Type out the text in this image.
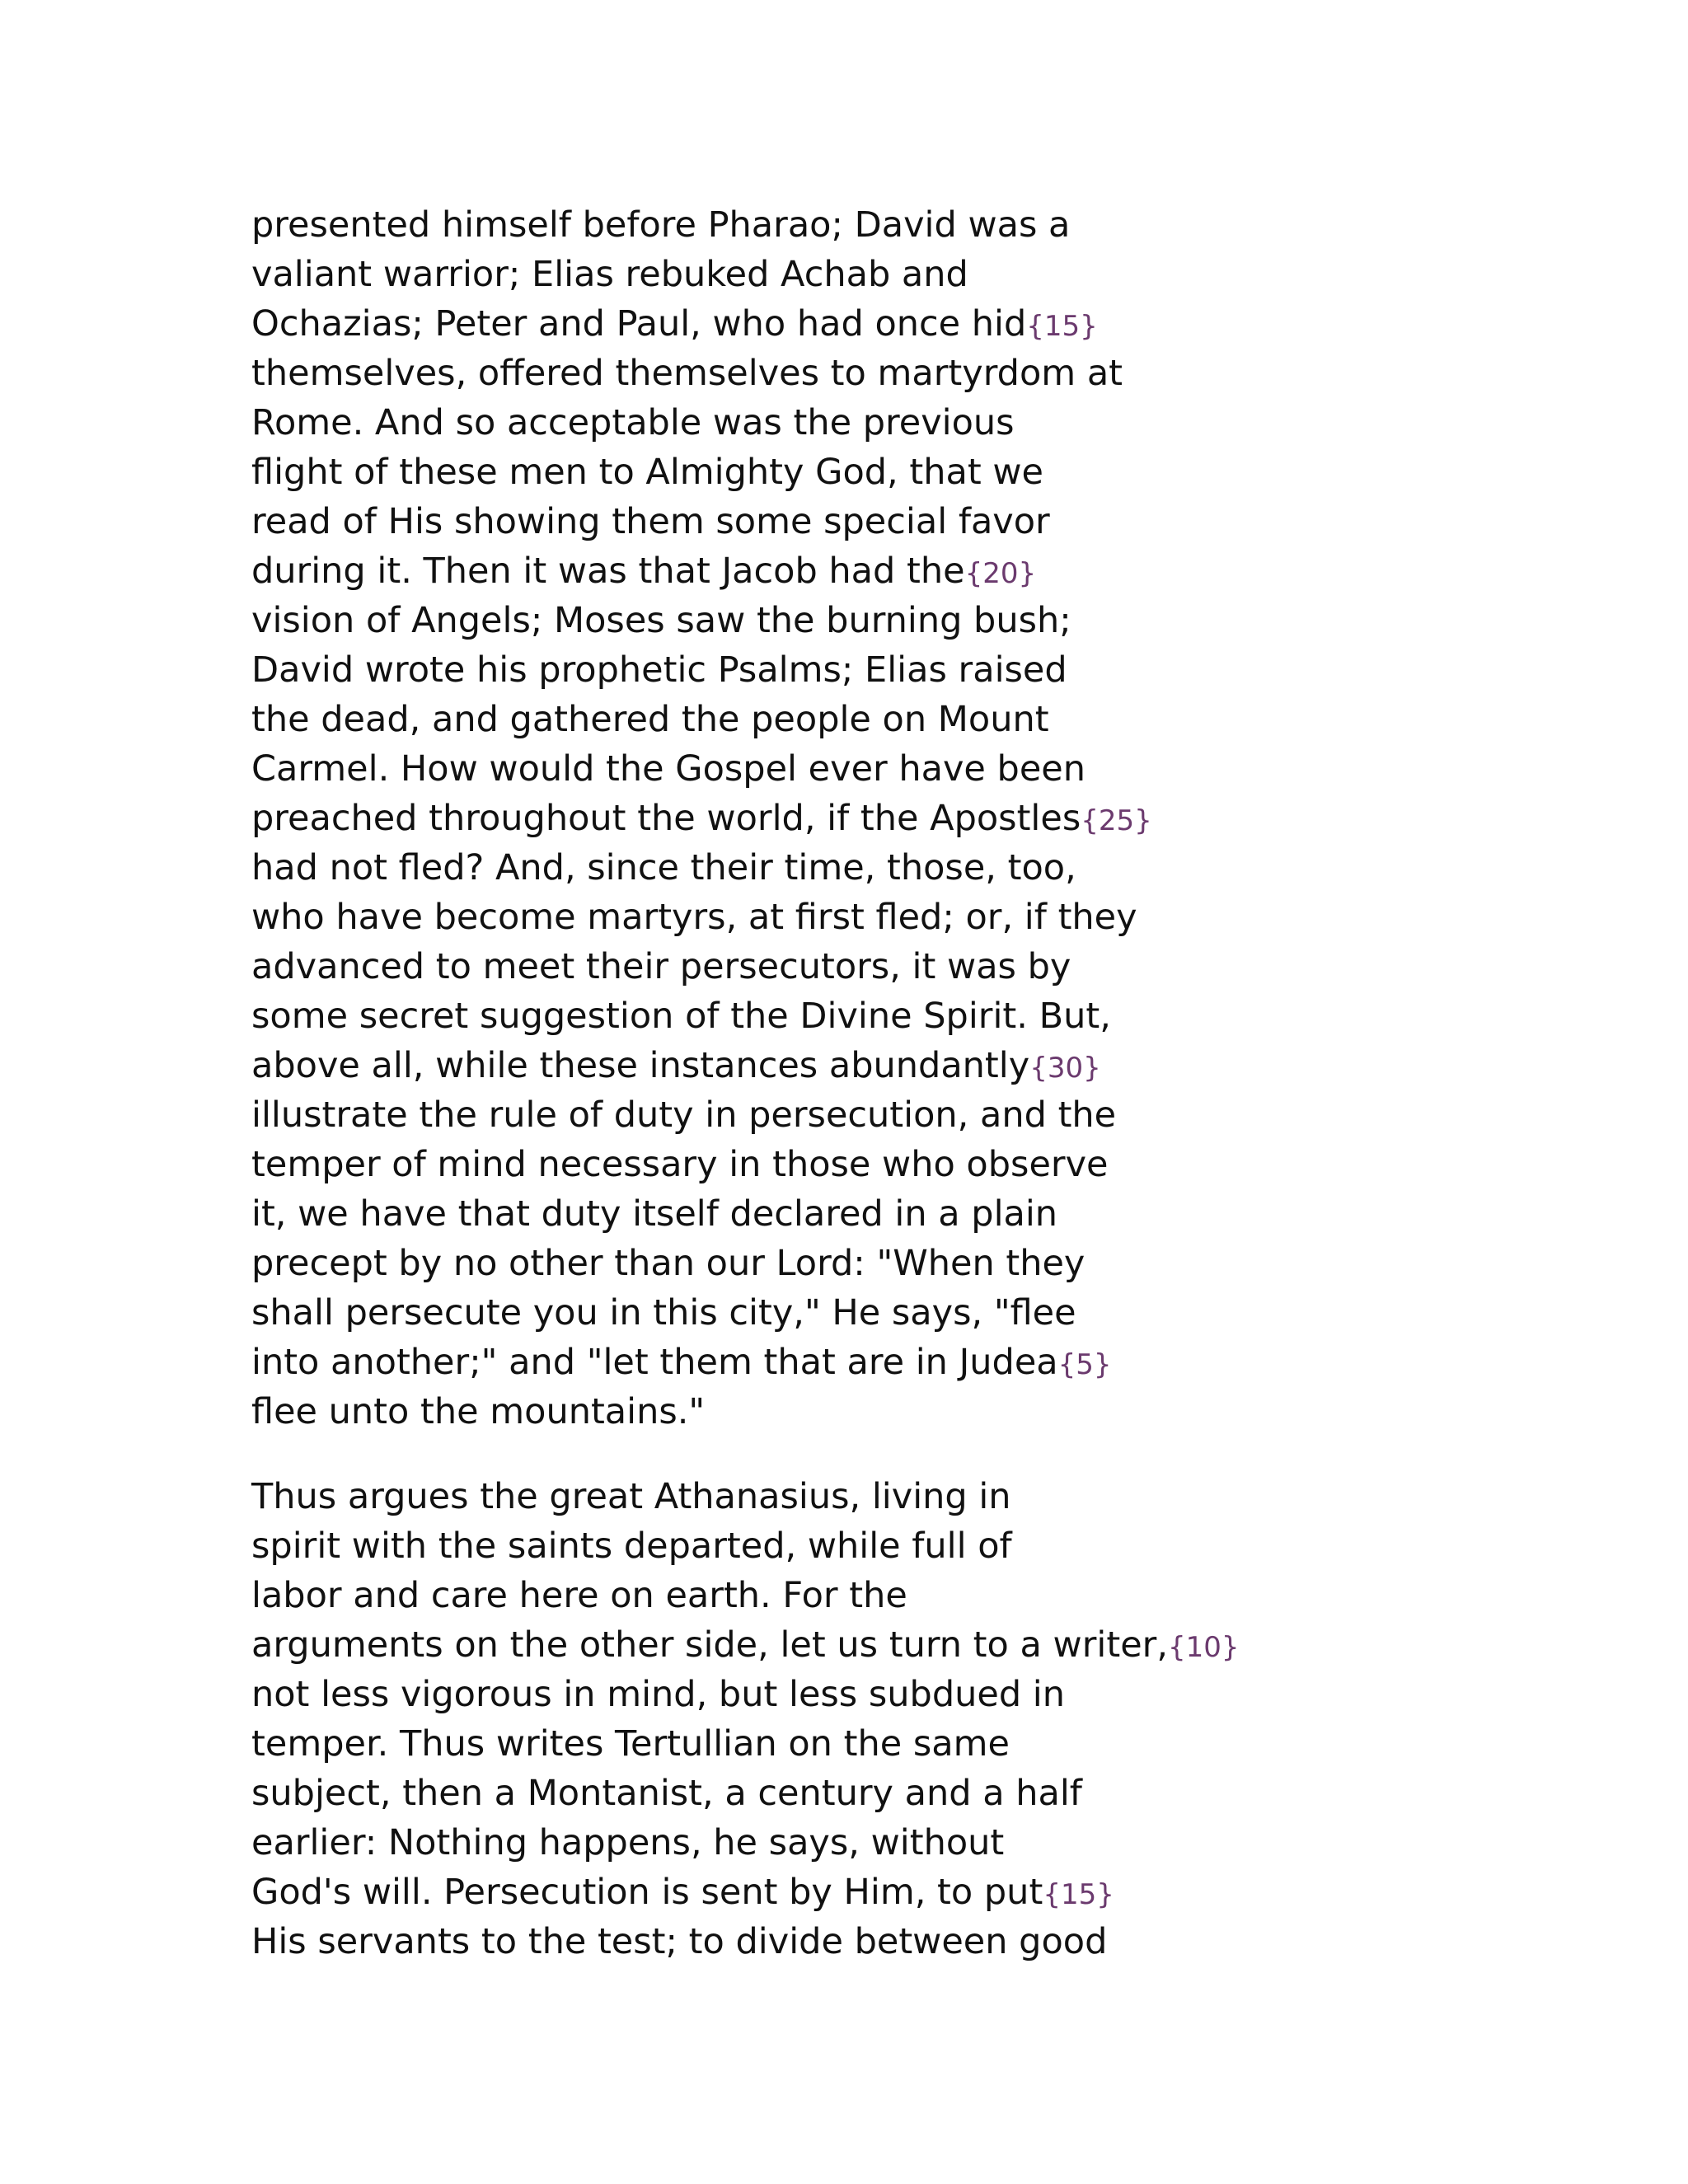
presented himself before Pharao; David was a
valiant warrior; Elias rebuked Achab and
Ochazias; Peter and Paul, who had once hid{15}
themselves, offered themselves to martyrdom at
Rome. And so acceptable was the previous
flight of these men to Almighty God, that we
read of His showing them some special favor
during it. Then it was that Jacob had the{20}
vision of Angels; Moses saw the burning bush;
David wrote his prophetic Psalms; Elias raised
the dead, and gathered the people on Mount
Carmel. How would the Gospel ever have been
preached throughout the world, if the Apostles{25}
had not fled? And, since their time, those, too,
who have become martyrs, at first fled; or, if they
advanced to meet their persecutors, it was by
some secret suggestion of the Divine Spirit. But,
above all, while these instances abundantly{30}
illustrate the rule of duty in persecution, and the
temper of mind necessary in those who observe
it, we have that duty itself declared in a plain
precept by no other than our Lord: "When they
shall persecute you in this city," He says, "flee
into another;" and "let them that are in Judea{5}
flee unto the mountains."
Thus argues the great Athanasius, living in
spirit with the saints departed, while full of
labor and care here on earth. For the
arguments on the other side, let us turn to a writer,{10}
not less vigorous in mind, but less subdued in
temper. Thus writes Tertullian on the same
subject, then a Montanist, a century and a half
earlier: Nothing happens, he says, without
God's will. Persecution is sent by Him, to put{15}
His servants to the test; to divide between good
